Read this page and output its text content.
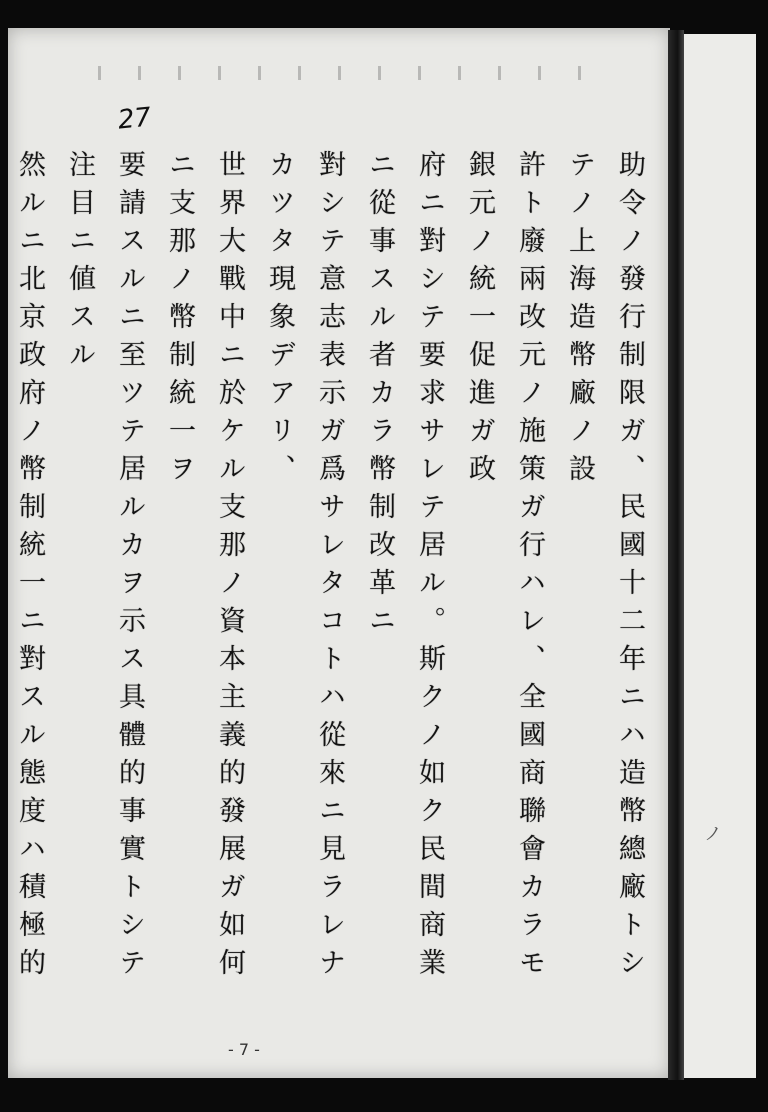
27
助令ノ發行制限ガ、民國十二年ニハ造幣總廠トシテノ上海造幣廠ノ設
許ト廢兩改元ノ施策ガ行ハレ、全國商聯會カラモ銀元ノ統一促進ガ政
府ニ對シテ要求サレテ居ル。斯クノ如ク民間商業ニ從事スル者カラ幣制改革ニ
對シテ意志表示ガ爲サレタコトハ從來ニ見ラレナカツタ現象デアリ、
世界大戰中ニ於ケル支那ノ資本主義的發展ガ如何ニ支那ノ幣制統一ヲ
要請スルニ至ツテ居ルカヲ示ス具體的事實トシテ注目ニ値スル
然ルニ北京政府ノ幣制統一ニ對スル態度ハ積極的
- 7 -
ノ
